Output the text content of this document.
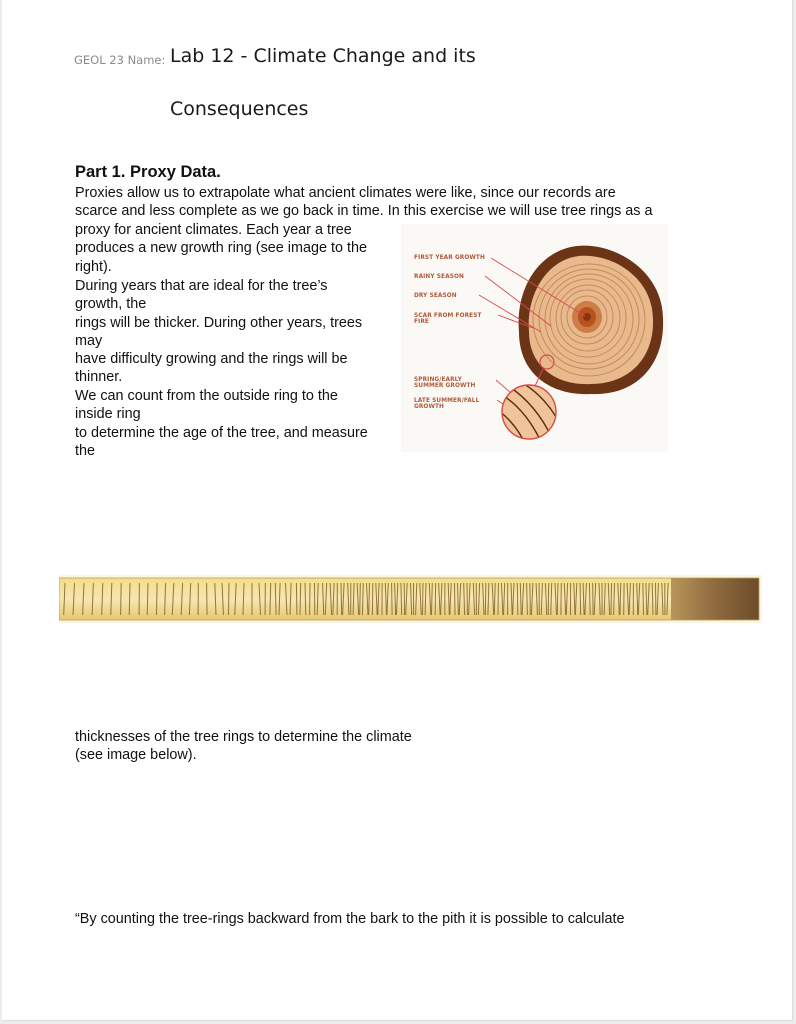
GEOL 23 Name: Lab 12 - Climate Change and its
Consequences
Part 1. Proxy Data.
Proxies allow us to extrapolate what ancient climates were like, since our records are
scarce and less complete as we go back in time. In this exercise we will use tree rings as a
proxy for ancient climates. Each year a tree
produces a new growth ring (see image to the
right).
During years that are ideal for the tree’s
growth, the
rings will be thicker. During other years, trees
may
have difficulty growing and the rings will be
thinner.
We can count from the outside ring to the
inside ring
to determine the age of the tree, and measure
the
FIRST YEAR GROWTH
RAINY SEASON
DRY SEASON
SCAR FROM FOREST
FIRE
SPRING/EARLY
SUMMER GROWTH
LATE SUMMER/FALL
GROWTH
thicknesses of the tree rings to determine the climate
(see image below).
“By counting the tree-rings backward from the bark to the pith it is possible to calculate
